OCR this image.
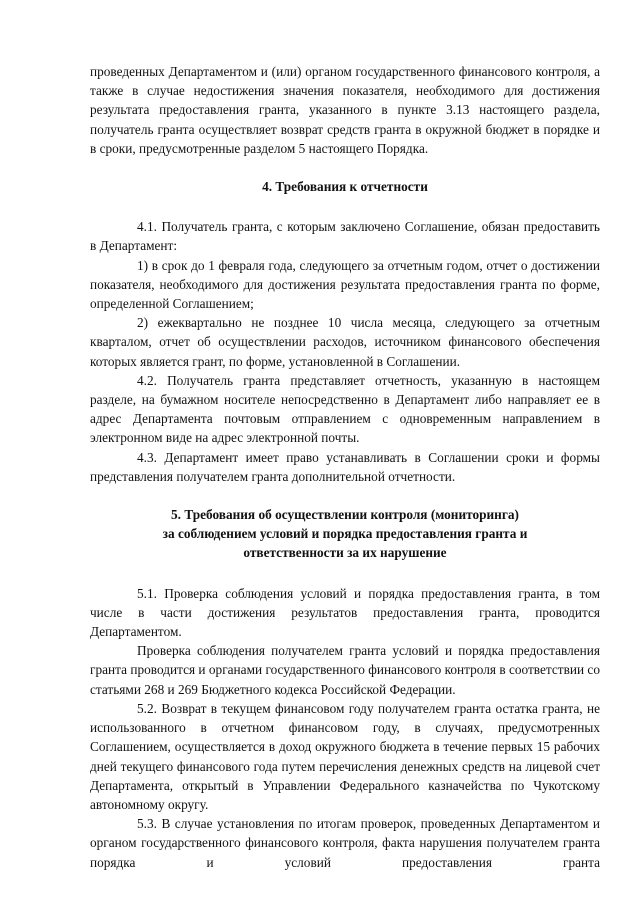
проведенных Департаментом и (или) органом государственного финансового контроля, а также в случае недостижения значения показателя, необходимого для достижения результата предоставления гранта, указанного в пункте 3.13 настоящего раздела, получатель гранта осуществляет возврат средств гранта в окружной бюджет в порядке и в сроки, предусмотренные разделом 5 настоящего Порядка.

4. Требования к отчетности

4.1. Получатель гранта, с которым заключено Соглашение, обязан предоставить в Департамент:

1) в срок до 1 февраля года, следующего за отчетным годом, отчет о достижении показателя, необходимого для достижения результата предоставления гранта по форме, определенной Соглашением;

2) ежеквартально не позднее 10 числа месяца, следующего за отчетным кварталом, отчет об осуществлении расходов, источником финансового обеспечения которых является грант, по форме, установленной в Соглашении.

4.2. Получатель гранта представляет отчетность, указанную в настоящем разделе, на бумажном носителе непосредственно в Департамент либо направляет ее в адрес Департамента почтовым отправлением с одновременным направлением в электронном виде на адрес электронной почты.

4.3. Департамент имеет право устанавливать в Соглашении сроки и формы представления получателем гранта дополнительной отчетности.

5. Требования об осуществлении контроля (мониторинга)
за соблюдением условий и порядка предоставления гранта и
ответственности за их нарушение

5.1. Проверка соблюдения условий и порядка предоставления гранта, в том числе в части достижения результатов предоставления гранта, проводится Департаментом.

Проверка соблюдения получателем гранта условий и порядка предоставления гранта проводится и органами государственного финансового контроля в соответствии со статьями 268 и 269 Бюджетного кодекса Российской Федерации.

5.2. Возврат в текущем финансовом году получателем гранта остатка гранта, не использованного в отчетном финансовом году, в случаях, предусмотренных Соглашением, осуществляется в доход окружного бюджета в течение первых 15 рабочих дней текущего финансового года путем перечисления денежных средств на лицевой счет Департамента, открытый в Управлении Федерального казначейства по Чукотскому автономному округу.

5.3. В случае установления по итогам проверок, проведенных Департаментом и органом государственного финансового контроля, факта нарушения получателем гранта порядка и условий предоставления гранта
